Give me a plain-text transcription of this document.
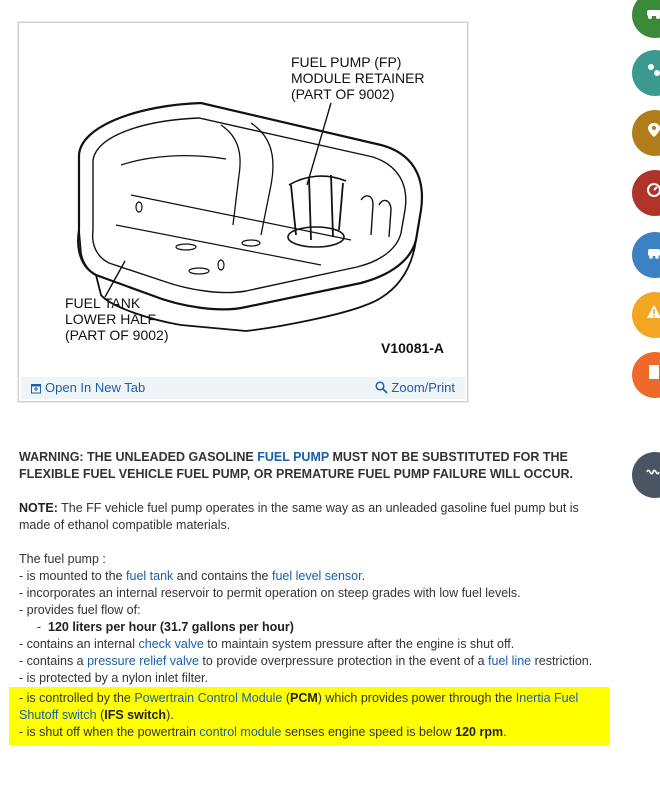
FUEL PUMP (FP)
MODULE RETAINER
(PART OF 9002)
FUEL TANK
LOWER HALF
(PART OF 9002)
V10081-A
Open In New Tab	Zoom/Print

WARNING: THE UNLEADED GASOLINE FUEL PUMP MUST NOT BE SUBSTITUTED FOR THE FLEXIBLE FUEL VEHICLE FUEL PUMP, OR PREMATURE FUEL PUMP FAILURE WILL OCCUR.

NOTE: The FF vehicle fuel pump operates in the same way as an unleaded gasoline fuel pump but is made of ethanol compatible materials.

The fuel pump :

- is mounted to the fuel tank and contains the fuel level sensor.

- incorporates an internal reservoir to permit operation on steep grades with low fuel levels.

- provides fuel flow of:

-  120 liters per hour (31.7 gallons per hour)

- contains an internal check valve to maintain system pressure after the engine is shut off.

- contains a pressure relief valve to provide overpressure protection in the event of a fuel line restriction.

- is protected by a nylon inlet filter.

- is controlled by the Powertrain Control Module (PCM) which provides power through the Inertia Fuel Shutoff switch (IFS switch).

- is shut off when the powertrain control module senses engine speed is below 120 rpm.
